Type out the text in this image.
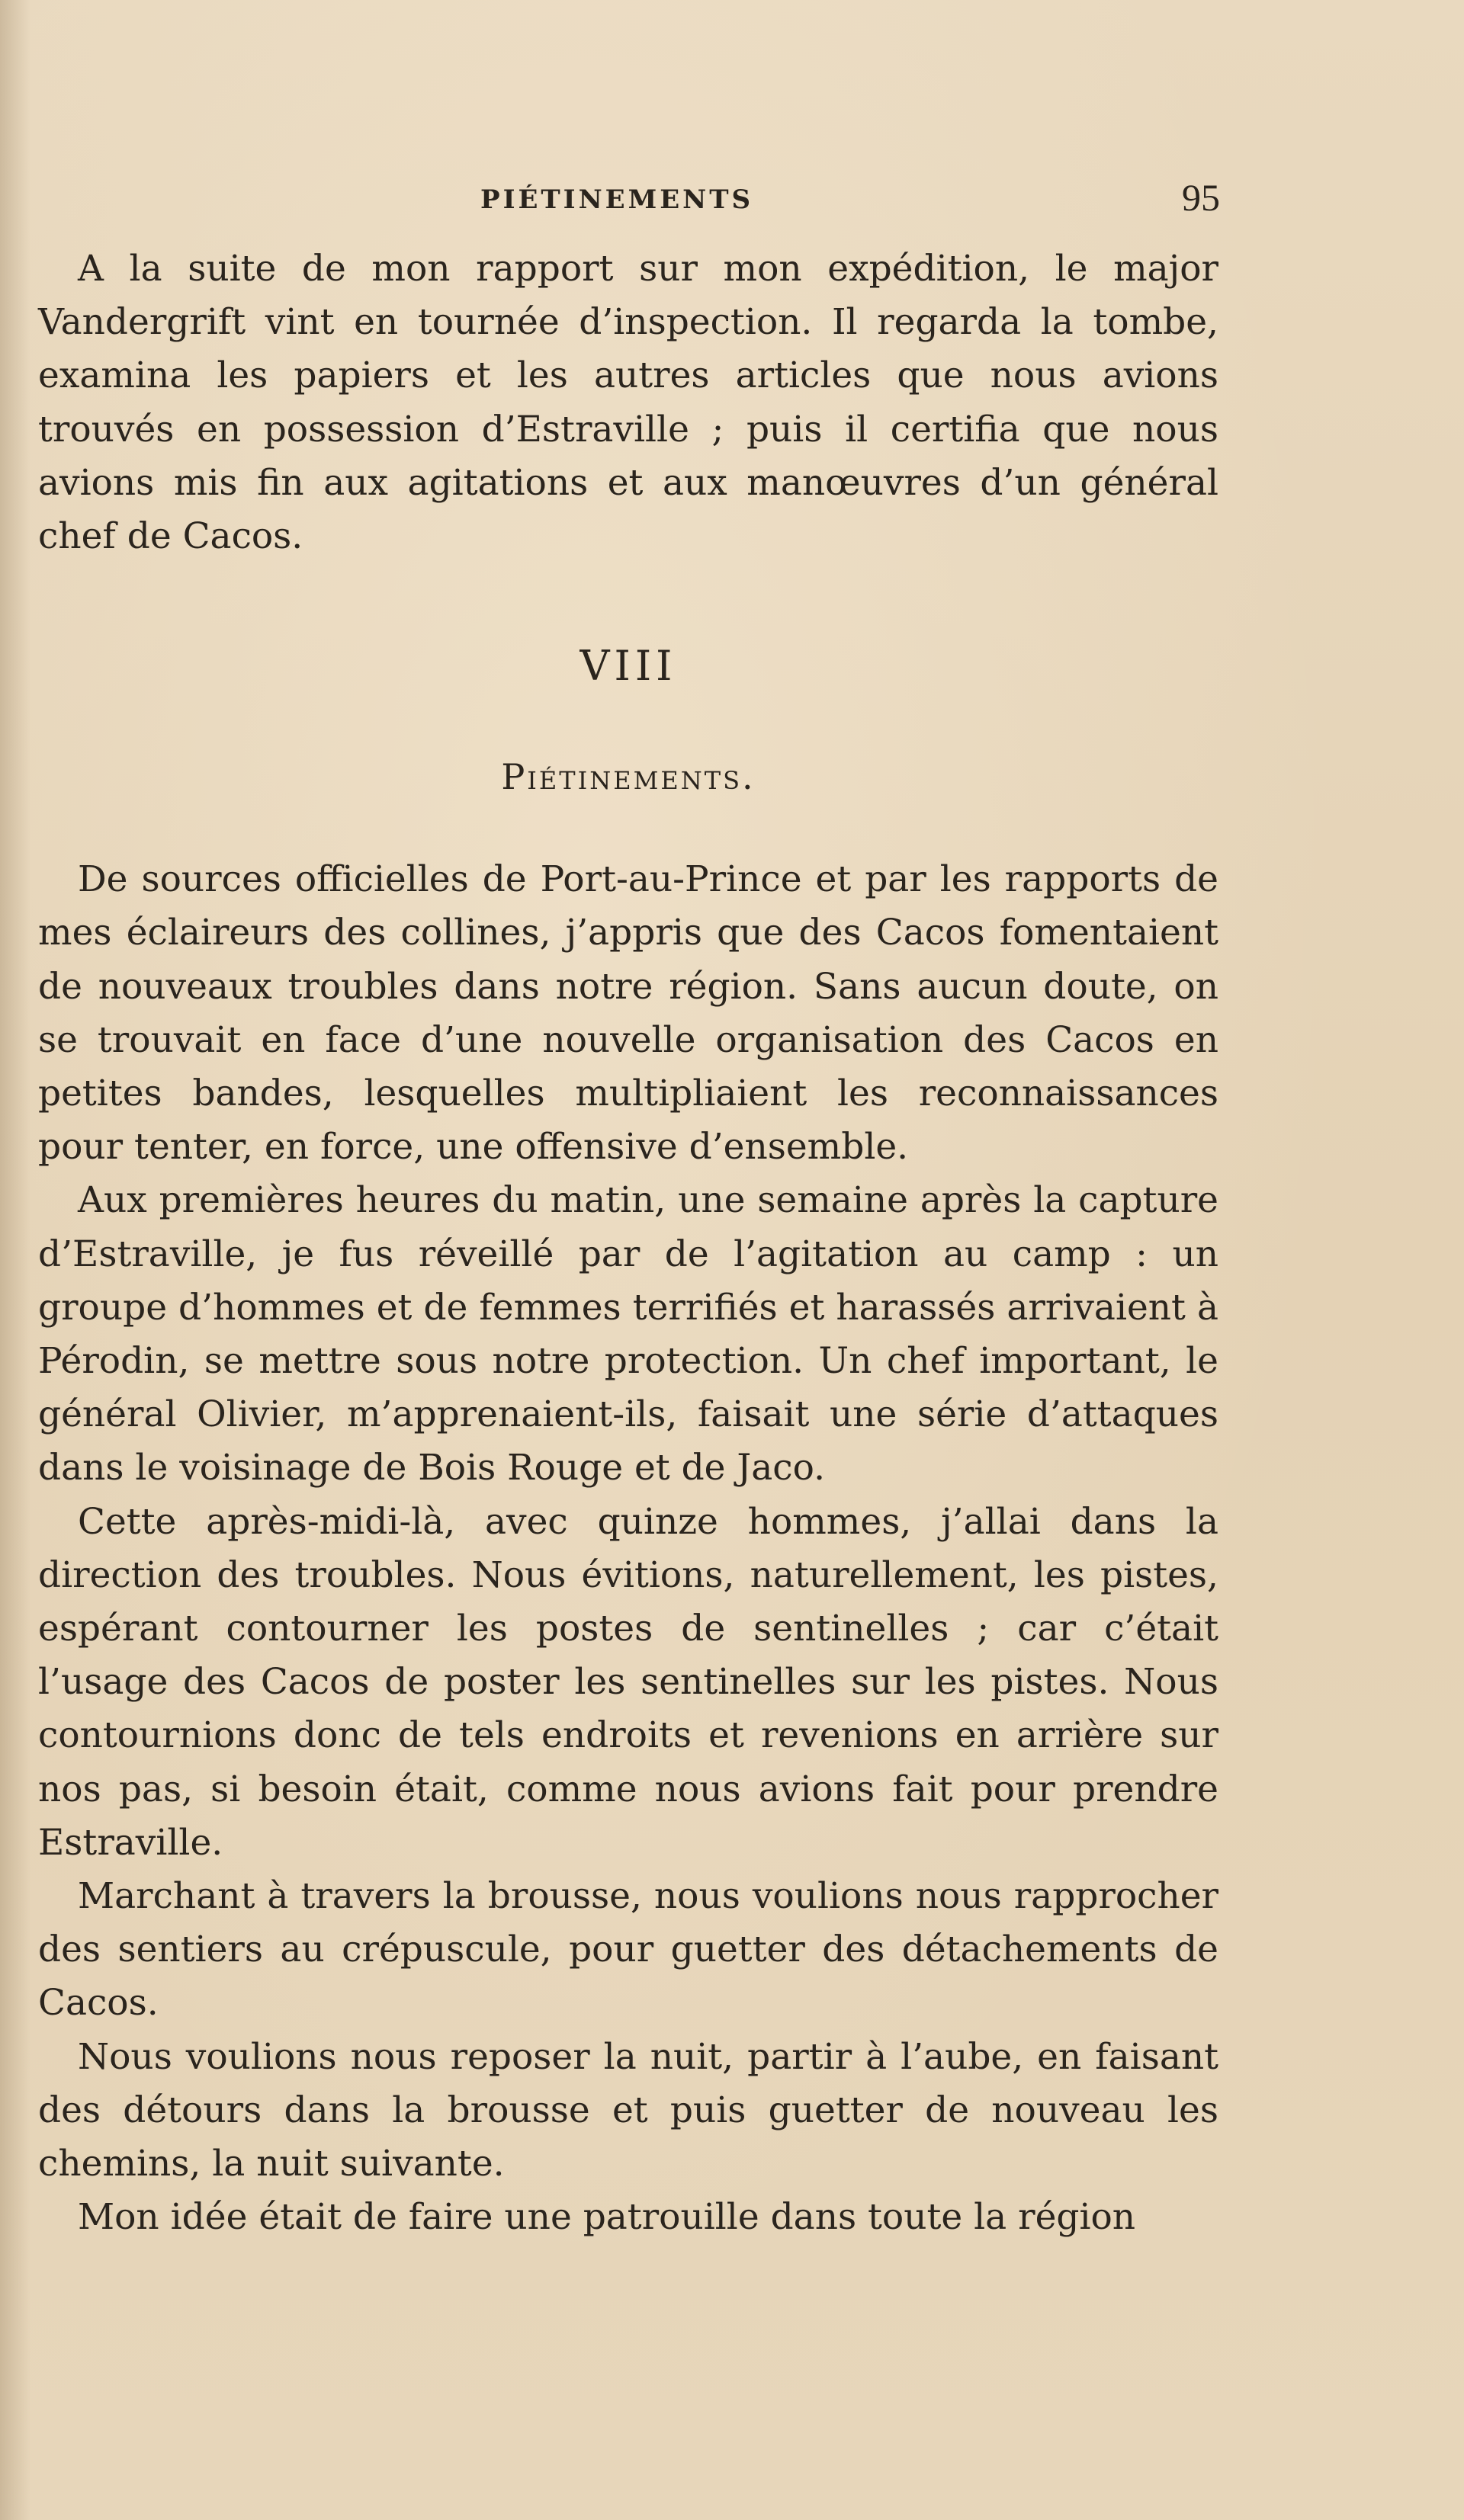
PIÉTINEMENTS	95

A la suite de mon rapport sur mon expédition, le major Vandergrift vint en tournée d’inspection. Il regarda la tombe, examina les papiers et les autres articles que nous avions trouvés en possession d’Estraville ; puis il certifia que nous avions mis fin aux agitations et aux manœuvres d’un général chef de Cacos.

VIII
Piétinements.

De sources officielles de Port-au-Prince et par les rapports de mes éclaireurs des collines, j’appris que des Cacos fomentaient de nouveaux troubles dans notre région. Sans aucun doute, on se trouvait en face d’une nouvelle organisation des Cacos en petites bandes, lesquelles multipliaient les reconnaissances pour tenter, en force, une offensive d’ensemble.

Aux premières heures du matin, une semaine après la capture d’Estraville, je fus réveillé par de l’agitation au camp : un groupe d’hommes et de femmes terrifiés et harassés arrivaient à Pérodin, se mettre sous notre protection. Un chef important, le général Olivier, m’apprenaient-ils, faisait une série d’attaques dans le voisinage de Bois Rouge et de Jaco.

Cette après-midi-là, avec quinze hommes, j’allai dans la direction des troubles. Nous évitions, naturellement, les pistes, espérant contourner les postes de sentinelles ; car c’était l’usage des Cacos de poster les sentinelles sur les pistes. Nous contournions donc de tels endroits et revenions en arrière sur nos pas, si besoin était, comme nous avions fait pour prendre Estraville.

Marchant à travers la brousse, nous voulions nous rapprocher des sentiers au crépuscule, pour guetter des détachements de Cacos.

Nous voulions nous reposer la nuit, partir à l’aube, en faisant des détours dans la brousse et puis guetter de nouveau les chemins, la nuit suivante.

Mon idée était de faire une patrouille dans toute la région
